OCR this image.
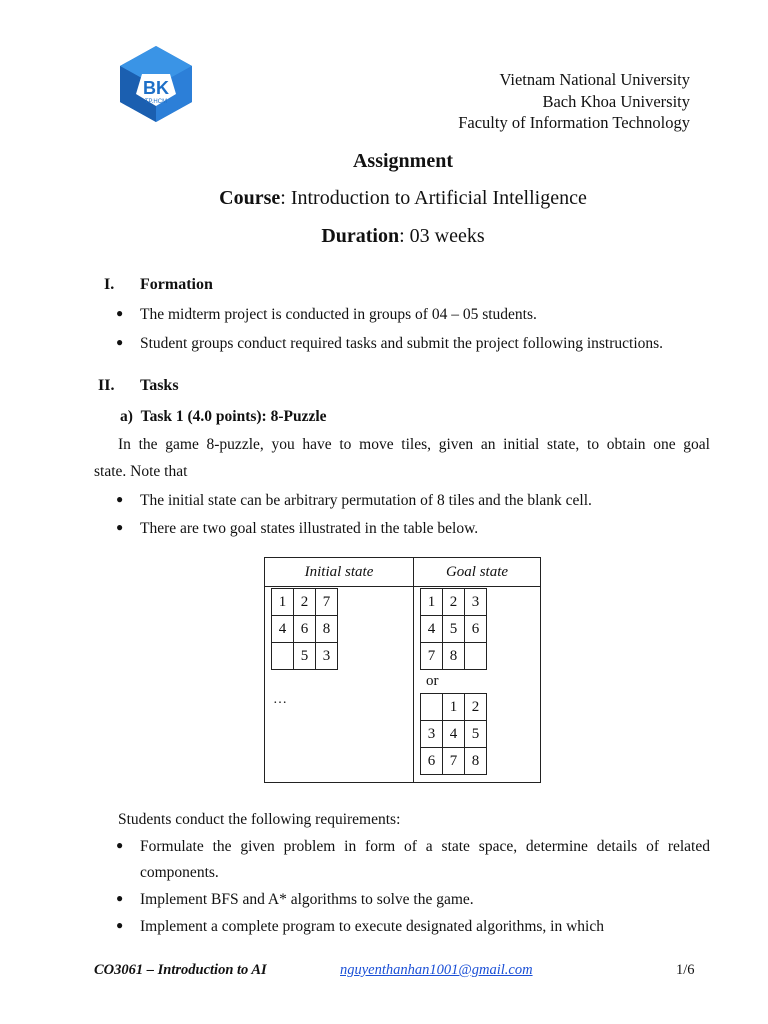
BK
TP.HCM
Vietnam National University
Bach Khoa University
Faculty of Information Technology
Assignment
Course: Introduction to Artificial Intelligence
Duration: 03 weeks
I. Formation
● The midterm project is conducted in groups of 04 – 05 students.
● Student groups conduct required tasks and submit the project following instructions.
II. Tasks
a)  Task 1 (4.0 points): 8-Puzzle
In the game 8-puzzle, you have to move tiles, given an initial state, to obtain one goal
state. Note that
● The initial state can be arbitrary permutation of 8 tiles and the blank cell.
● There are two goal states illustrated in the table below.
Initial state	Goal state

1	2	7
4	6	8
	5	3
…

1	2	3
4	5	6
7	8	
or
	1	2
3	4	5
6	7	8
Students conduct the following requirements:
● Formulate the given problem in form of a state space, determine details of related
components.
● Implement BFS and A* algorithms to solve the game.
● Implement a complete program to execute designated algorithms, in which
CO3061 – Introduction to AI	nguyenthanhan1001@gmail.com	1/6
